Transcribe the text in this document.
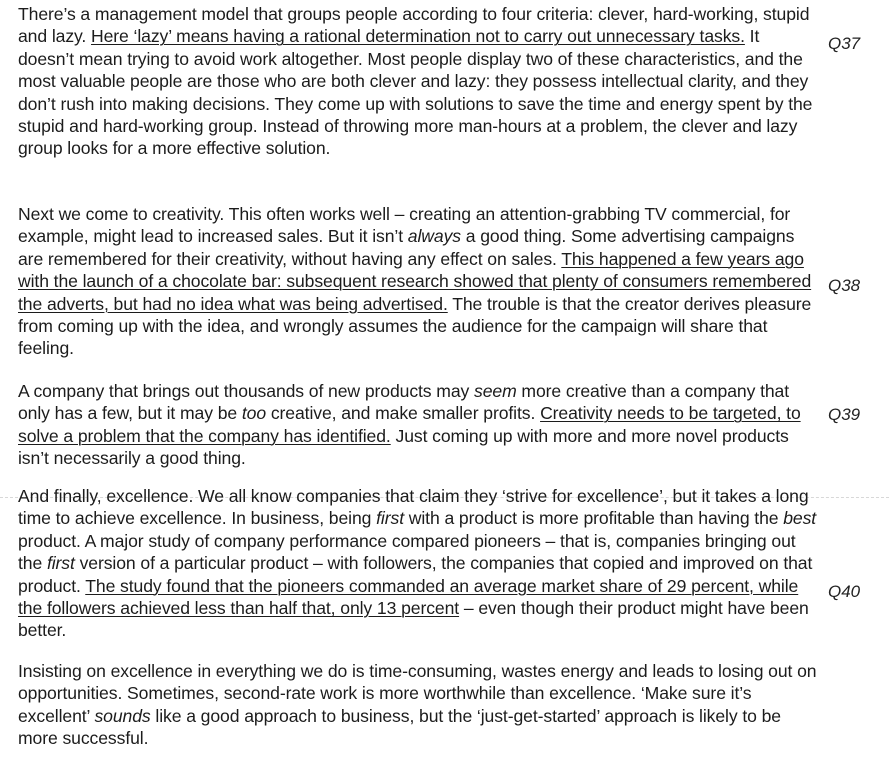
There’s a management model that groups people according to four criteria: clever, hard-working, stupid and lazy. Here ‘lazy’ means having a rational determination not to carry out unnecessary tasks. It doesn’t mean trying to avoid work altogether. Most people display two of these characteristics, and the most valuable people are those who are both clever and lazy: they possess intellectual clarity, and they don’t rush into making decisions. They come up with solutions to save the time and energy spent by the stupid and hard-working group. Instead of throwing more man-hours at a problem, the clever and lazy group looks for a more effective solution.
Next we come to creativity. This often works well – creating an attention-grabbing TV commercial, for example, might lead to increased sales. But it isn’t always a good thing. Some advertising campaigns are remembered for their creativity, without having any effect on sales. This happened a few years ago with the launch of a chocolate bar: subsequent research showed that plenty of consumers remembered the adverts, but had no idea what was being advertised. The trouble is that the creator derives pleasure from coming up with the idea, and wrongly assumes the audience for the campaign will share that feeling.
A company that brings out thousands of new products may seem more creative than a company that only has a few, but it may be too creative, and make smaller profits. Creativity needs to be targeted, to solve a problem that the company has identified. Just coming up with more and more novel products isn’t necessarily a good thing.
And finally, excellence. We all know companies that claim they ‘strive for excellence’, but it takes a long time to achieve excellence. In business, being first with a product is more profitable than having the best product. A major study of company performance compared pioneers – that is, companies bringing out the first version of a particular product – with followers, the companies that copied and improved on that product. The study found that the pioneers commanded an average market share of 29 percent, while the followers achieved less than half that, only 13 percent – even though their product might have been better.
Insisting on excellence in everything we do is time-consuming, wastes energy and leads to losing out on opportunities. Sometimes, second-rate work is more worthwhile than excellence. ‘Make sure it’s excellent’ sounds like a good approach to business, but the ‘just-get-started’ approach is likely to be more successful.
Q37
Q38
Q39
Q40
